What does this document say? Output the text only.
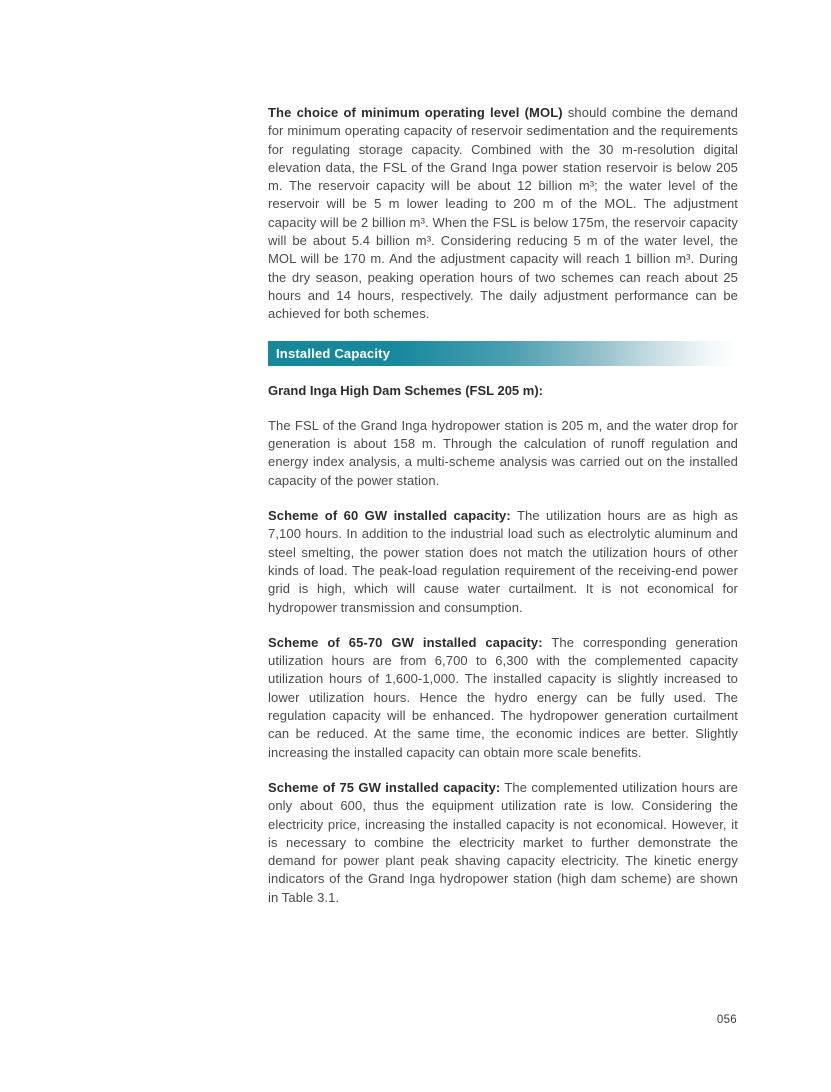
The choice of minimum operating level (MOL) should combine the demand for minimum operating capacity of reservoir sedimentation and the requirements for regulating storage capacity. Combined with the 30 m-resolution digital elevation data, the FSL of the Grand Inga power station reservoir is below 205 m. The reservoir capacity will be about 12 billion m³; the water level of the reservoir will be 5 m lower leading to 200 m of the MOL. The adjustment capacity will be 2 billion m³. When the FSL is below 175m, the reservoir capacity will be about 5.4 billion m³. Considering reducing 5 m of the water level, the MOL will be 170 m. And the adjustment capacity will reach 1 billion m³. During the dry season, peaking operation hours of two schemes can reach about 25 hours and 14 hours, respectively. The daily adjustment performance can be achieved for both schemes.

Installed Capacity

Grand Inga High Dam Schemes (FSL 205 m):

The FSL of the Grand Inga hydropower station is 205 m, and the water drop for generation is about 158 m. Through the calculation of runoff regulation and energy index analysis, a multi-scheme analysis was carried out on the installed capacity of the power station.

Scheme of 60 GW installed capacity: The utilization hours are as high as 7,100 hours. In addition to the industrial load such as electrolytic aluminum and steel smelting, the power station does not match the utilization hours of other kinds of load. The peak-load regulation requirement of the receiving-end power grid is high, which will cause water curtailment. It is not economical for hydropower transmission and consumption.

Scheme of 65-70 GW installed capacity: The corresponding generation utilization hours are from 6,700 to 6,300 with the complemented capacity utilization hours of 1,600-1,000. The installed capacity is slightly increased to lower utilization hours. Hence the hydro energy can be fully used. The regulation capacity will be enhanced. The hydropower generation curtailment can be reduced. At the same time, the economic indices are better. Slightly increasing the installed capacity can obtain more scale benefits.

Scheme of 75 GW installed capacity: The complemented utilization hours are only about 600, thus the equipment utilization rate is low. Considering the electricity price, increasing the installed capacity is not economical. However, it is necessary to combine the electricity market to further demonstrate the demand for power plant peak shaving capacity electricity. The kinetic energy indicators of the Grand Inga hydropower station (high dam scheme) are shown in Table 3.1.

056
